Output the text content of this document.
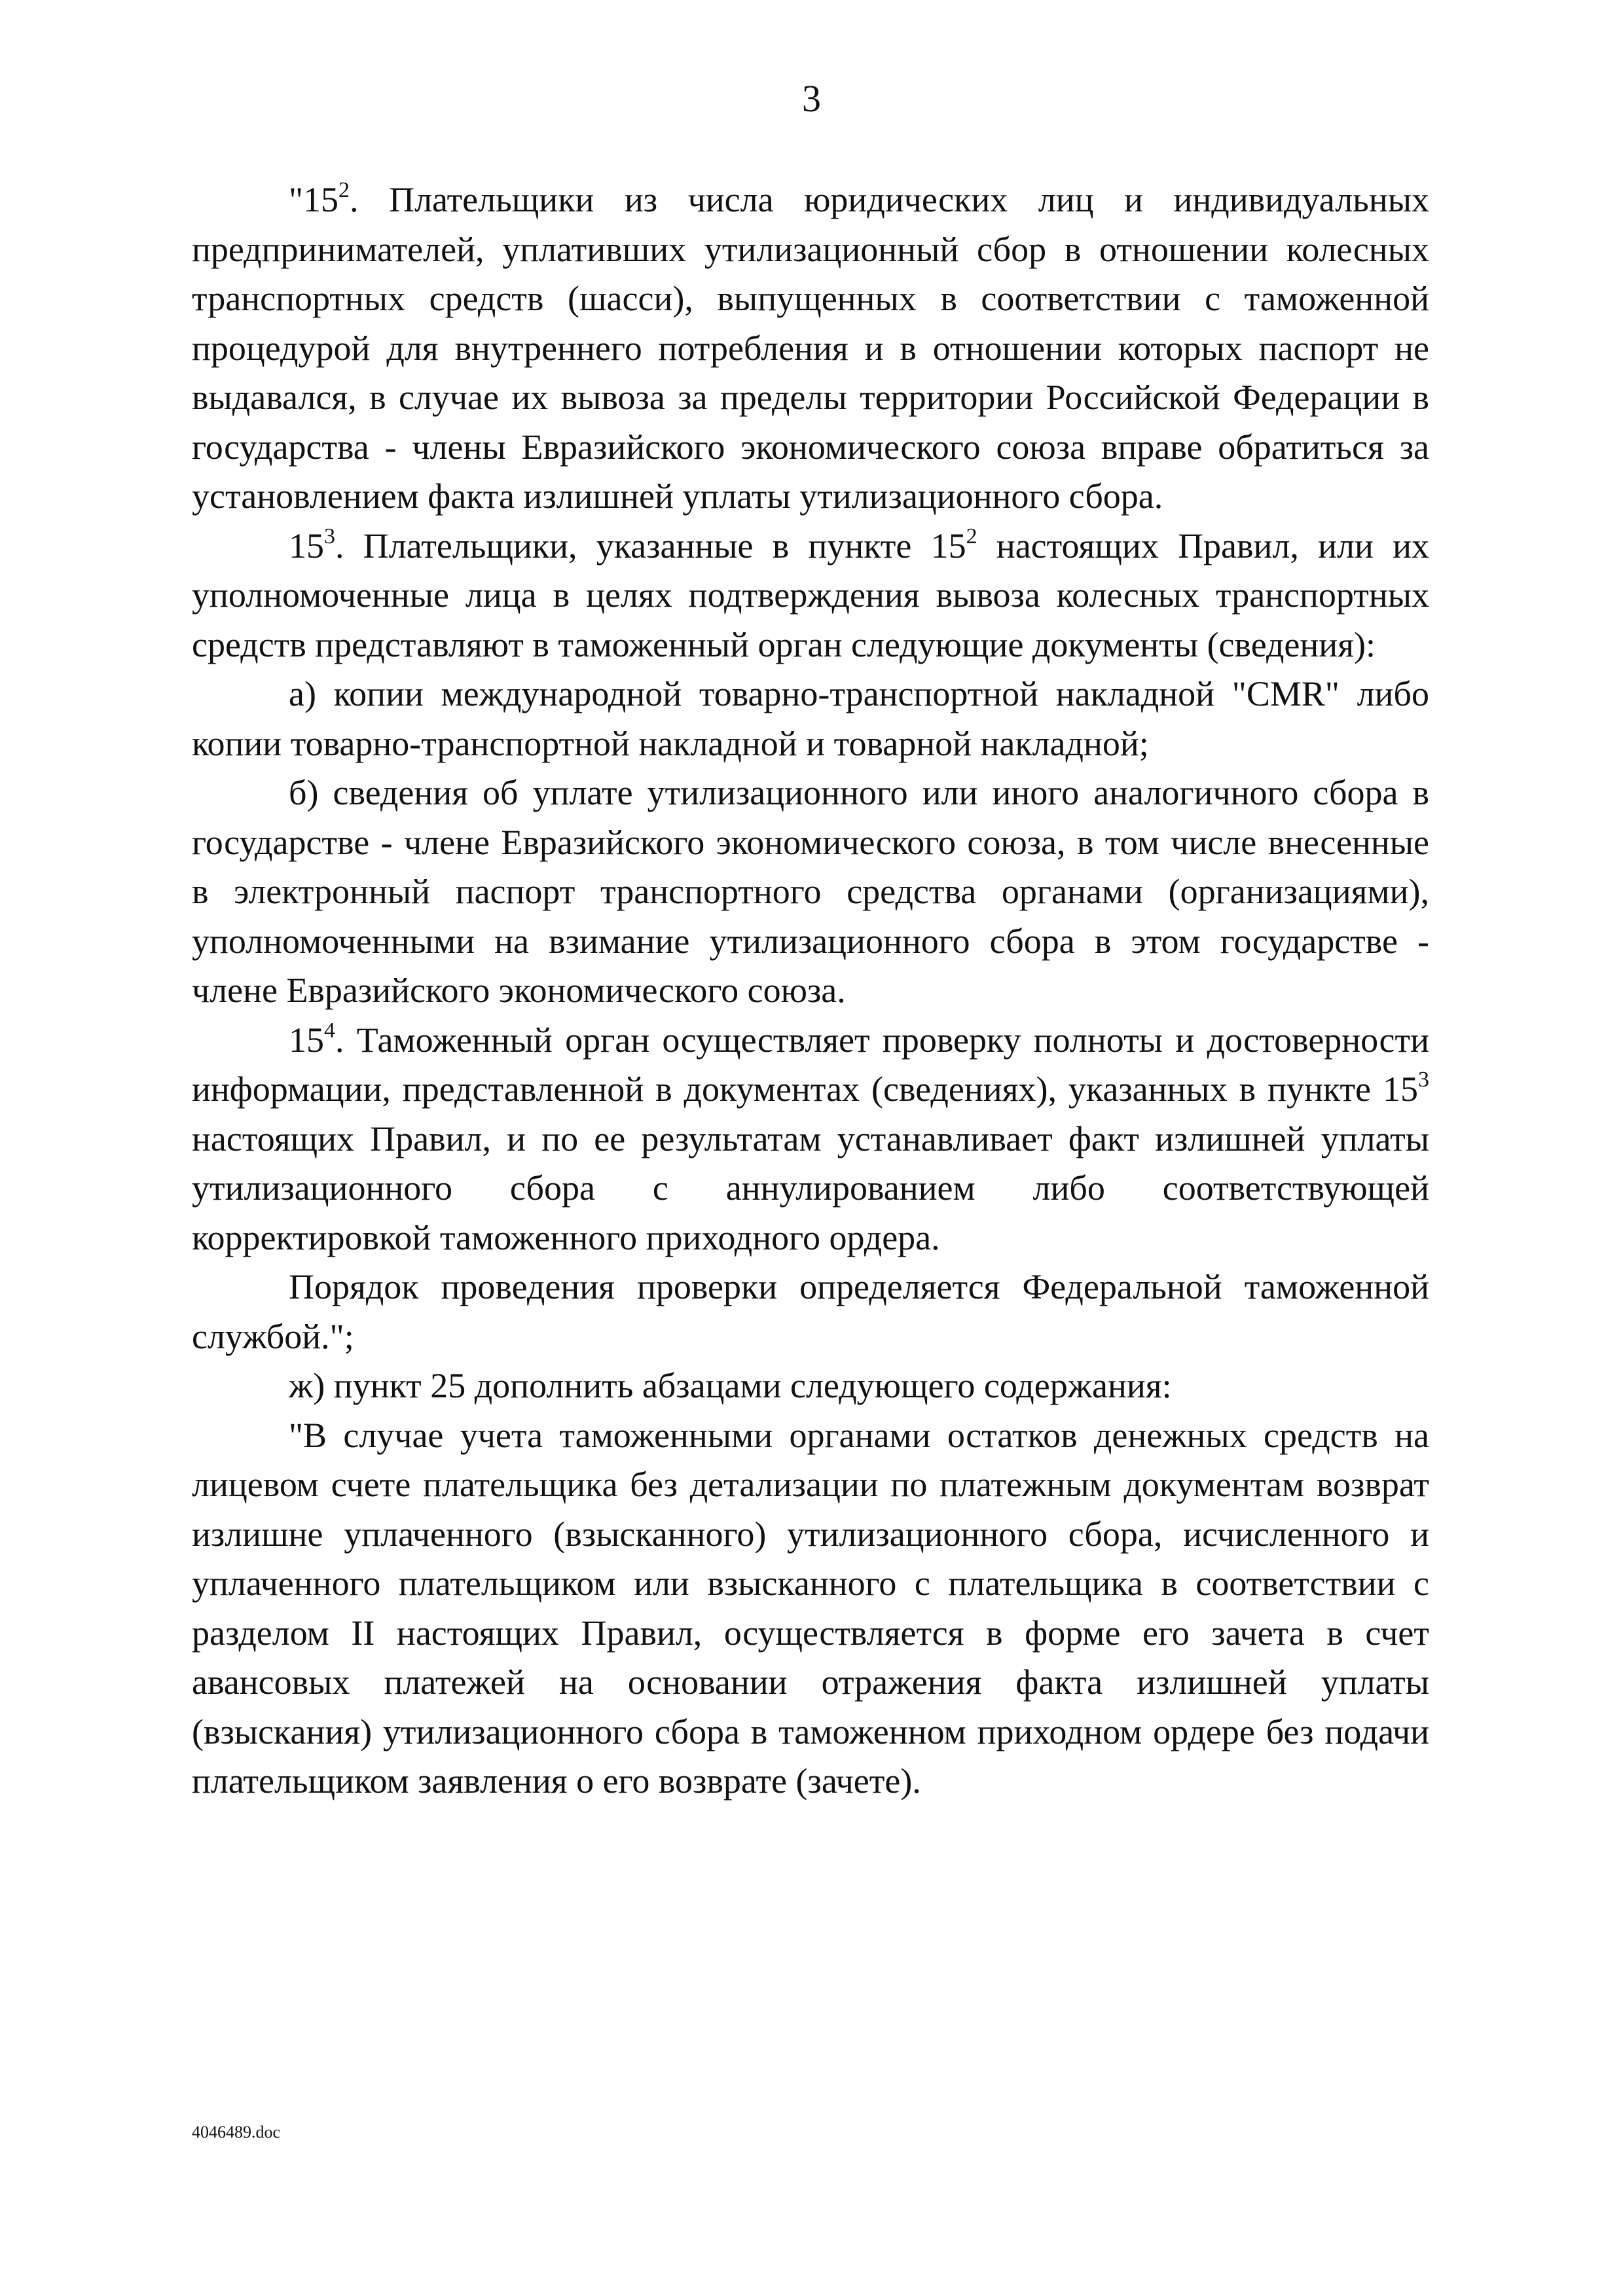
3

"$15^2$. Плательщики из числа юридических лиц и индивидуальных предпринимателей, уплативших утилизационный сбор в отношении колесных транспортных средств (шасси), выпущенных в соответствии с таможенной процедурой для внутреннего потребления и в отношении которых паспорт не выдавался, в случае их вывоза за пределы территории Российской Федерации в государства - члены Евразийского экономического союза вправе обратиться за установлением факта излишней уплаты утилизационного сбора.

$15^3$. Плательщики, указанные в пункте $15^2$ настоящих Правил, или их уполномоченные лица в целях подтверждения вывоза колесных транспортных средств представляют в таможенный орган следующие документы (сведения):

а) копии международной товарно-транспортной накладной "CMR" либо копии товарно-транспортной накладной и товарной накладной;

б) сведения об уплате утилизационного или иного аналогичного сбора в государстве - члене Евразийского экономического союза, в том числе внесенные в электронный паспорт транспортного средства органами (организациями), уполномоченными на взимание утилизационного сбора в этом государстве - члене Евразийского экономического союза.

$15^4$. Таможенный орган осуществляет проверку полноты и достоверности информации, представленной в документах (сведениях), указанных в пункте $15^3$ настоящих Правил, и по ее результатам устанавливает факт излишней уплаты утилизационного сбора с аннулированием либо соответствующей корректировкой таможенного приходного ордера.

Порядок проведения проверки определяется Федеральной таможенной службой.";

ж) пункт 25 дополнить абзацами следующего содержания:

"В случае учета таможенными органами остатков денежных средств на лицевом счете плательщика без детализации по платежным документам возврат излишне уплаченного (взысканного) утилизационного сбора, исчисленного и уплаченного плательщиком или взысканного с плательщика в соответствии с разделом II настоящих Правил, осуществляется в форме его зачета в счет авансовых платежей на основании отражения факта излишней уплаты (взыскания) утилизационного сбора в таможенном приходном ордере без подачи плательщиком заявления о его возврате (зачете).

4046489.doc
